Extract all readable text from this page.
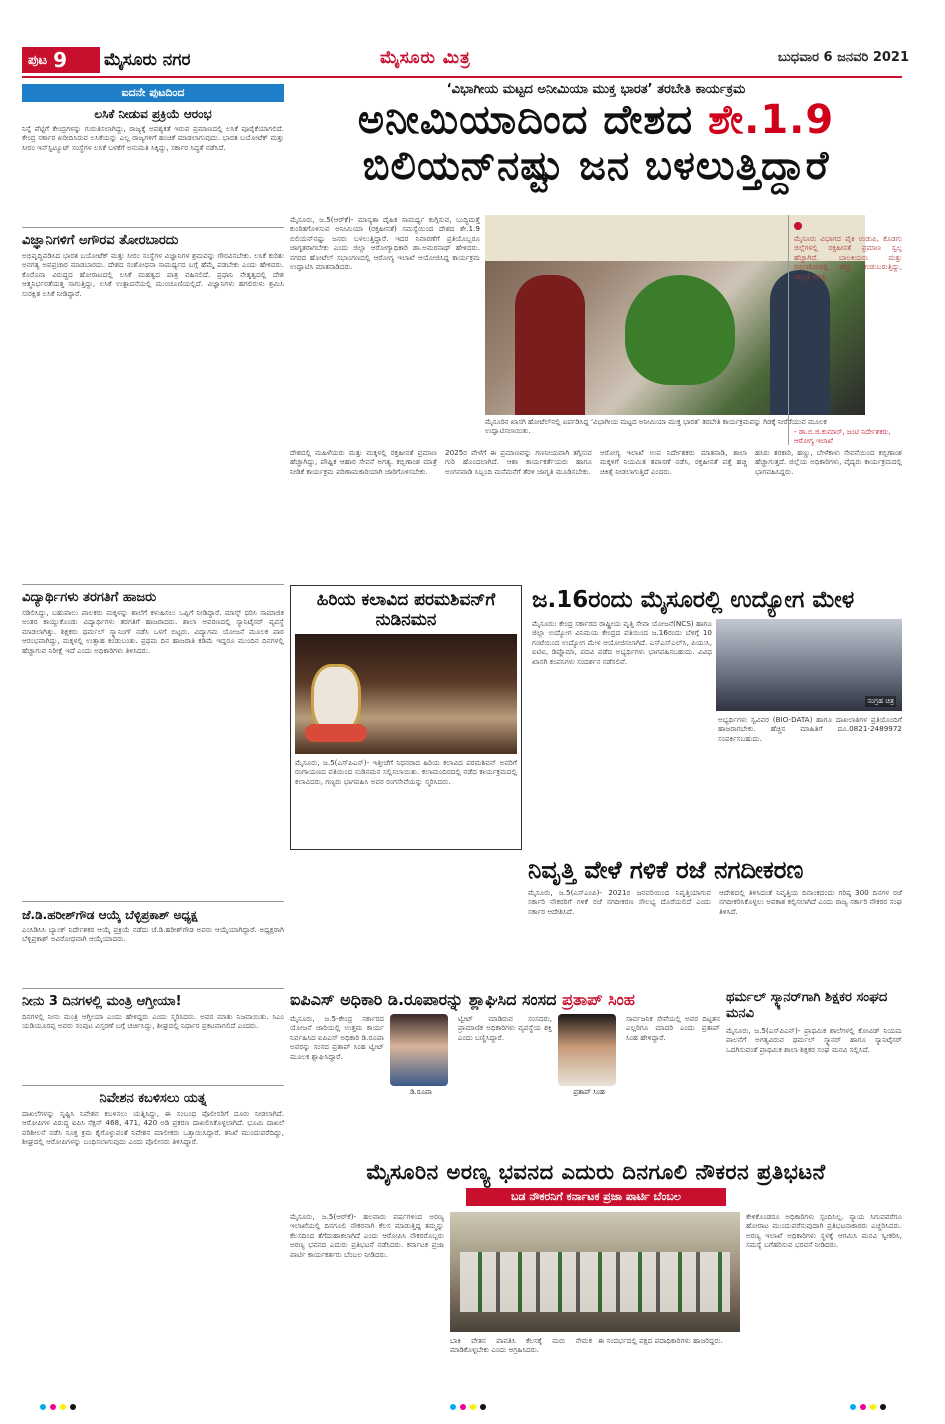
ಪುಟ 9 ಮೈಸೂರು ನಗರ	ಮೈಸೂರು ಮಿತ್ರ	ಬುಧವಾರ 6 ಜನವರಿ 2021
ಐದನೇ ಪುಟದಿಂದ
ಲಸಿಕೆ ನೀಡುವ ಪ್ರಕ್ರಿಯೆ ಆರಂಭ
ನಿನ್ನೆ ಪೆಟ್ಟಿಗೆ ಕೇಂದ್ರಗಳನ್ನು ಗುರುತಿಸಲಾಗಿದ್ದು, ರಾಜ್ಯಕ್ಕೆ ಅವಶ್ಯಕತೆ ಇರುವ ಪ್ರಮಾಣದಲ್ಲಿ ಲಸಿಕೆ ಪೂರೈಕೆಯಾಗಲಿದೆ. ಕೇಂದ್ರ ಸರ್ಕಾರ ಖರೀದಿಸಿರುವ ಲಸಿಕೆಯನ್ನು ಎಲ್ಲ ರಾಜ್ಯಗಳಿಗೆ ಹಂಚಿಕೆ ಮಾಡಲಾಗುವುದು. ಭಾರತ ಬಯೋಟೆಕ್ ಮತ್ತು ಸೀರಂ ಇನ್‌ಸ್ಟಿಟ್ಯೂಟ್ ಸಂಸ್ಥೆಗಳ ಲಸಿಕೆ ಬಳಕೆಗೆ ಅನುಮತಿ ಸಿಕ್ಕಿದ್ದು, ಸರ್ಕಾರ ಸಿದ್ಧತೆ ನಡೆಸಿದೆ.
ವಿಜ್ಞಾನಿಗಳಿಗೆ ಅಗೌರವ ತೋರಬಾರದು
ಅಭಿವೃದ್ಧಿಪಡಿಸಿದ ಭಾರತ ಬಯೋಟೆಕ್ ಮತ್ತು ಸೀರಂ ಸಂಸ್ಥೆಗಳ ವಿಜ್ಞಾನಿಗಳ ಶ್ರಮವನ್ನು ಗೌರವಿಸಬೇಕು. ಲಸಿಕೆ ಕುರಿತು ಅನಗತ್ಯ ಅಪಪ್ರಚಾರ ಮಾಡಬಾರದು. ದೇಶದ ಸಂಶೋಧನಾ ಸಾಮರ್ಥ್ಯದ ಬಗ್ಗೆ ಹೆಮ್ಮೆ ಪಡಬೇಕು ಎಂದು ಹೇಳಿದರು. ಕೊರೊನಾ ವಿರುದ್ಧದ ಹೋರಾಟದಲ್ಲಿ ಲಸಿಕೆ ಮಹತ್ವದ ಪಾತ್ರ ವಹಿಸಲಿದೆ. ಪ್ರಧಾನಿ ನೇತೃತ್ವದಲ್ಲಿ ದೇಶ ಆತ್ಮನಿರ್ಭರತೆಯತ್ತ ಸಾಗುತ್ತಿದ್ದು, ಲಸಿಕೆ ಉತ್ಪಾದನೆಯಲ್ಲಿ ಮುಂಚೂಣಿಯಲ್ಲಿದೆ. ವಿಜ್ಞಾನಿಗಳು ಹಗಲಿರುಳು ಶ್ರಮಿಸಿ ಸುರಕ್ಷಿತ ಲಸಿಕೆ ನೀಡಿದ್ದಾರೆ.
ವಿದ್ಯಾರ್ಥಿಗಳು ತರಗತಿಗೆ ಹಾಜರು
ಸಡಿಲಿಸಿದ್ದು, ಬಹುಪಾಲು ಪಾಲಕರು ಮಕ್ಕಳನ್ನು ಶಾಲೆಗೆ ಕಳುಹಿಸಲು ಒಪ್ಪಿಗೆ ನೀಡಿದ್ದಾರೆ. ಮಾಸ್ಕ್ ಧರಿಸಿ ಸಾಮಾಜಿಕ ಅಂತರ ಕಾಯ್ದುಕೊಂಡು ವಿದ್ಯಾರ್ಥಿಗಳು ತರಗತಿಗೆ ಹಾಜರಾದರು. ಶಾಲಾ ಆವರಣದಲ್ಲಿ ಸ್ಯಾನಿಟೈಸರ್ ವ್ಯವಸ್ಥೆ ಮಾಡಲಾಗಿತ್ತು. ಶಿಕ್ಷಕರು ಥರ್ಮಲ್ ಸ್ಕ್ಯಾನಿಂಗ್ ನಡೆಸಿ ಒಳಗೆ ಬಿಟ್ಟರು. ವಿದ್ಯಾಗಮ ಯೋಜನೆ ಮೂಲಕ ಪಾಠ ಆರಂಭವಾಗಿದ್ದು, ಮಕ್ಕಳಲ್ಲಿ ಉತ್ಸಾಹ ಕಂಡುಬಂತು. ಪ್ರಥಮ ದಿನ ಹಾಜರಾತಿ ಕಡಿಮೆ ಇದ್ದರೂ ಮುಂದಿನ ದಿನಗಳಲ್ಲಿ ಹೆಚ್ಚಾಗುವ ನಿರೀಕ್ಷೆ ಇದೆ ಎಂದು ಅಧಿಕಾರಿಗಳು ತಿಳಿಸಿದರು.
ಜೆ.ಡಿ.ಹರೀಶ್‌ಗೌಡ ಆಯ್ಕೆ ಬೆಳ್ಳಿಪ್ರಕಾಶ್ ಅಧ್ಯಕ್ಷ
ಎಂಸಿಡಿಸಿಸಿ ಬ್ಯಾಂಕ್ ನಿರ್ದೇಶಕರ ಆಯ್ಕೆ ಪ್ರಕ್ರಿಯೆ ನಡೆದು ಜೆ.ಡಿ.ಹರೀಶ್‌ಗೌಡ ಅವರು ಆಯ್ಕೆಯಾಗಿದ್ದಾರೆ. ಅಧ್ಯಕ್ಷರಾಗಿ ಬೆಳ್ಳಿಪ್ರಕಾಶ್ ಅವಿರೋಧವಾಗಿ ಆಯ್ಕೆಯಾದರು.
ನೀನು 3 ದಿನಗಳಲ್ಲಿ ಮಂತ್ರಿ ಆಗ್ತೀಯಾ!
ದಿನಗಳಲ್ಲಿ ನೀನು ಮಂತ್ರಿ ಆಗ್ತೀಯಾ ಎಂದು ಹೇಳಿದ್ದರು ಎಂದು ಸ್ಮರಿಸಿದರು. ಅವರ ಮಾತು ನಿಜವಾಯಿತು. ಸಿಎಂ ಯಡಿಯೂರಪ್ಪ ಅವರು ಸಂಪುಟ ವಿಸ್ತರಣೆ ಬಗ್ಗೆ ಚರ್ಚಿಸಿದ್ದು, ಶೀಘ್ರದಲ್ಲಿ ನಿರ್ಧಾರ ಪ್ರಕಟವಾಗಲಿದೆ ಎಂದರು.
ನಿವೇಶನ ಕಬಳಿಸಲು ಯತ್ನ
ದಾಖಲೆಗಳನ್ನು ಸೃಷ್ಟಿಸಿ ನಿವೇಶನ ಕಬಳಿಸಲು ಯತ್ನಿಸಿದ್ದು, ಈ ಸಂಬಂಧ ಪೊಲೀಸರಿಗೆ ದೂರು ನೀಡಲಾಗಿದೆ. ಆರೋಪಿಗಳ ವಿರುದ್ಧ ಐಪಿಸಿ ಸೆಕ್ಷನ್ 468, 471, 420 ಅಡಿ ಪ್ರಕರಣ ದಾಖಲಿಸಿಕೊಳ್ಳಲಾಗಿದೆ. ಭೂಮಿ ದಾಖಲೆ ಪರಿಶೀಲನೆ ನಡೆಸಿ ಸೂಕ್ತ ಕ್ರಮ ಕೈಗೊಳ್ಳುವಂತೆ ನಿವೇಶನ ಮಾಲೀಕರು ಒತ್ತಾಯಿಸಿದ್ದಾರೆ. ತನಿಖೆ ಮುಂದುವರೆದಿದ್ದು, ಶೀಘ್ರದಲ್ಲಿ ಆರೋಪಿಗಳನ್ನು ಬಂಧಿಸಲಾಗುವುದು ಎಂದು ಪೊಲೀಸರು ತಿಳಿಸಿದ್ದಾರೆ.
‘ವಿಭಾಗೀಯ ಮಟ್ಟದ ಅನೀಮಿಯಾ ಮುಕ್ತ ಭಾರತ’ ತರಬೇತಿ ಕಾರ್ಯಕ್ರಮ
ಅನೀಮಿಯಾದಿಂದ ದೇಶದ ಶೇ.1.9
ಬಿಲಿಯನ್‌ನಷ್ಟು ಜನ ಬಳಲುತ್ತಿದ್ದಾರೆ
ಮೈಸೂರು, ಜ.5(ಆರ್‌ಕೆ)- ಮಾನ್ಯತಾ ದೈಹಿಕ ಸಾಮರ್ಥ್ಯ ಕುಗ್ಗಿಸುವ, ಬುದ್ಧಿಮತ್ತೆ ಕುಂಠಿತಗೊಳಿಸುವ ಅನೀಮಿಯಾ (ರಕ್ತಹೀನತೆ) ಸಮಸ್ಯೆಯಿಂದ ದೇಶದ ಶೇ.1.9 ಬಿಲಿಯನ್‌ನಷ್ಟು ಜನರು ಬಳಲುತ್ತಿದ್ದಾರೆ. ಇದರ ನಿವಾರಣೆಗೆ ಪ್ರತಿಯೊಬ್ಬರೂ ಜಾಗೃತರಾಗಬೇಕು ಎಂದು ಜಿಲ್ಲಾ ಆರೋಗ್ಯಾಧಿಕಾರಿ ಡಾ.ಅಮರನಾಥ್ ಹೇಳಿದರು. ನಗರದ ಹೋಟೆಲ್ ಸಭಾಂಗಣದಲ್ಲಿ ಆರೋಗ್ಯ ಇಲಾಖೆ ಆಯೋಜಿಸಿದ್ದ ಕಾರ್ಯಕ್ರಮ ಉದ್ಘಾಟಿಸಿ ಮಾತನಾಡಿದರು.
ಮೈಸೂರಿನ ಖಾಸಗಿ ಹೋಟೆಲ್‌ನಲ್ಲಿ ಏರ್ಪಡಿಸಿದ್ದ ‘ವಿಭಾಗೀಯ ಮಟ್ಟದ ಅನೀಮಿಯಾ ಮುಕ್ತ ಭಾರತ’ ತರಬೇತಿ ಕಾರ್ಯಕ್ರಮವನ್ನು ಗಿಡಕ್ಕೆ ನೀರೆರೆಯುವ ಮೂಲಕ ಉದ್ಘಾಟಿಸಲಾಯಿತು.
ಮೈಸೂರು ವಿಭಾಗದ ಪೈಕಿ ಉಡುಪಿ, ಕೊಡಗು ಜಿಲ್ಲೆಗಳಲ್ಲಿ ರಕ್ತಹೀನತೆ ಪ್ರಮಾಣ ಸ್ವಲ್ಪ ಹೆಚ್ಚಾಗಿದೆ. ಬಾಲಕಿಯರು ಮತ್ತು ಗರ್ಭಿಣಿಯರಲ್ಲಿ ಹೆಚ್ಚು ಕಂಡುಬರುತ್ತಿದ್ದು, ಜಾಗೃತಿ ಅಗತ್ಯ.
- ಡಾ.ಬಿ.ಜಿ.ಕುಮಾರ್, ಜಂಟಿ ನಿರ್ದೇಶಕರು, ಆರೋಗ್ಯ ಇಲಾಖೆ
ದೇಶದಲ್ಲಿ ಮಹಿಳೆಯರು ಮತ್ತು ಮಕ್ಕಳಲ್ಲಿ ರಕ್ತಹೀನತೆ ಪ್ರಮಾಣ ಹೆಚ್ಚಾಗಿದ್ದು, ಪೌಷ್ಟಿಕ ಆಹಾರ ಸೇವನೆ ಅಗತ್ಯ. ಕಬ್ಬಿಣಾಂಶ ಮಾತ್ರೆ ನೀಡಿಕೆ ಕಾರ್ಯಕ್ರಮ ಪರಿಣಾಮಕಾರಿಯಾಗಿ ಜಾರಿಗೊಳಿಸಬೇಕು.
2025ರ ವೇಳೆಗೆ ಈ ಪ್ರಮಾಣವನ್ನು ಗಣನೀಯವಾಗಿ ತಗ್ಗಿಸುವ ಗುರಿ ಹೊಂದಲಾಗಿದೆ. ಆಶಾ ಕಾರ್ಯಕರ್ತೆಯರು ಹಾಗೂ ಅಂಗನವಾಡಿ ಸಿಬ್ಬಂದಿ ಮನೆಮನೆಗೆ ತೆರಳಿ ಜಾಗೃತಿ ಮೂಡಿಸಬೇಕು.
ಆರೋಗ್ಯ ಇಲಾಖೆ ಉಪ ನಿರ್ದೇಶಕರು ಮಾತನಾಡಿ, ಶಾಲಾ ಮಕ್ಕಳಿಗೆ ನಿಯಮಿತ ತಪಾಸಣೆ ನಡೆಸಿ, ರಕ್ತಹೀನತೆ ಪತ್ತೆ ಹಚ್ಚಿ ಚಿಕಿತ್ಸೆ ನೀಡಲಾಗುತ್ತಿದೆ ಎಂದರು.
ಹಸಿರು ತರಕಾರಿ, ಹಣ್ಣು, ಬೇಳೆಕಾಳು ಸೇವನೆಯಿಂದ ಕಬ್ಬಿಣಾಂಶ ಹೆಚ್ಚಾಗುತ್ತದೆ. ಜಿಲ್ಲೆಯ ಅಧಿಕಾರಿಗಳು, ವೈದ್ಯರು ಕಾರ್ಯಕ್ರಮದಲ್ಲಿ ಭಾಗವಹಿಸಿದ್ದರು.
ಹಿರಿಯ ಕಲಾವಿದ ಪರಮಶಿವನ್‌ಗೆ ನುಡಿನಮನ
ಮೈಸೂರು, ಜ.5(ಎಸ್‌ಪಿಎನ್)- ಇತ್ತೀಚೆಗೆ ನಿಧನರಾದ ಹಿರಿಯ ಕಲಾವಿದ ಪರಮಶಿವನ್ ಅವರಿಗೆ ರಂಗಾಯಣದ ವತಿಯಿಂದ ನುಡಿನಮನ ಸಲ್ಲಿಸಲಾಯಿತು. ಕಲಾಮಂದಿರದಲ್ಲಿ ನಡೆದ ಕಾರ್ಯಕ್ರಮದಲ್ಲಿ ಕಲಾವಿದರು, ಗಣ್ಯರು ಭಾಗವಹಿಸಿ ಅವರ ರಂಗಸೇವೆಯನ್ನು ಸ್ಮರಿಸಿದರು.
ಜ.16ರಂದು ಮೈಸೂರಲ್ಲಿ ಉದ್ಯೋಗ ಮೇಳ
ಮೈಸೂರು: ಕೇಂದ್ರ ಸರ್ಕಾರದ ರಾಷ್ಟ್ರೀಯ ವೃತ್ತಿ ಸೇವಾ ಯೋಜನೆ(NCS) ಹಾಗೂ ಜಿಲ್ಲಾ ಉದ್ಯೋಗ ವಿನಿಮಯ ಕೇಂದ್ರದ ವತಿಯಿಂದ ಜ.16ರಂದು ಬೆಳಿಗ್ಗೆ 10 ಗಂಟೆಯಿಂದ ಉದ್ಯೋಗ ಮೇಳ ಆಯೋಜಿಸಲಾಗಿದೆ. ಎಸ್‌ಎಸ್‌ಎಲ್‌ಸಿ, ಪಿಯುಸಿ, ಐಟಿಐ, ಡಿಪ್ಲೊಮಾ, ಪದವಿ ಪಡೆದ ಅಭ್ಯರ್ಥಿಗಳು ಭಾಗವಹಿಸಬಹುದು. ವಿವಿಧ ಖಾಸಗಿ ಕಂಪನಿಗಳು ಸಂದರ್ಶನ ನಡೆಸಲಿವೆ.
ಸಂಗ್ರಹ ಚಿತ್ರ
ಅಭ್ಯರ್ಥಿಗಳು ಸ್ವವಿವರ (BIO-DATA) ಹಾಗೂ ದಾಖಲಾತಿಗಳ ಪ್ರತಿಯೊಂದಿಗೆ ಹಾಜರಾಗಬೇಕು. ಹೆಚ್ಚಿನ ಮಾಹಿತಿಗೆ ದೂ.0821-2489972 ಸಂಪರ್ಕಿಸಬಹುದು.
ನಿವೃತ್ತಿ ವೇಳೆ ಗಳಿಕೆ ರಜೆ ನಗದೀಕರಣ
ಮೈಸೂರು, ಜ.5(ಎಸ್‌ಎಂಪಿ)- 2021ರ ಜನವರಿಯಿಂದ ನಿವೃತ್ತಿಯಾಗುವ ಸರ್ಕಾರಿ ನೌಕರರಿಗೆ ಗಳಿಕೆ ರಜೆ ನಗದೀಕರಣ ಸೌಲಭ್ಯ ದೊರೆಯಲಿದೆ ಎಂದು ಸರ್ಕಾರ ಆದೇಶಿಸಿದೆ.
ಆದೇಶದಲ್ಲಿ ತಿಳಿಸಿದಂತೆ ನಿವೃತ್ತಿಯ ದಿನಾಂಕದಂದು ಗರಿಷ್ಠ 300 ದಿನಗಳ ರಜೆ ನಗದೀಕರಿಸಿಕೊಳ್ಳಲು ಅವಕಾಶ ಕಲ್ಪಿಸಲಾಗಿದೆ ಎಂದು ರಾಜ್ಯ ಸರ್ಕಾರಿ ನೌಕರರ ಸಂಘ ತಿಳಿಸಿದೆ.
ಐಪಿಎಸ್ ಅಧಿಕಾರಿ ಡಿ.ರೂಪಾರನ್ನು ಶ್ಲಾಘಿಸಿದ ಸಂಸದ ಪ್ರತಾಪ್ ಸಿಂಹ
ಮೈಸೂರು, ಜ.5-ಕೇಂದ್ರ ಸರ್ಕಾರದ ಯೋಜನೆ ಜಾರಿಯಲ್ಲಿ ಉತ್ತಮ ಕಾರ್ಯ ನಿರ್ವಹಿಸಿದ ಐಪಿಎಸ್ ಅಧಿಕಾರಿ ಡಿ.ರೂಪಾ ಅವರನ್ನು ಸಂಸದ ಪ್ರತಾಪ್ ಸಿಂಹ ಟ್ವೀಟ್ ಮೂಲಕ ಶ್ಲಾಘಿಸಿದ್ದಾರೆ.
ಡಿ.ರೂಪಾ
ಟ್ವೀಟ್ ಮಾಡಿರುವ ಸಂಸದರು, ಪ್ರಾಮಾಣಿಕ ಅಧಿಕಾರಿಗಳು ವ್ಯವಸ್ಥೆಯ ಶಕ್ತಿ ಎಂದು ಬಣ್ಣಿಸಿದ್ದಾರೆ.
ಪ್ರತಾಪ್ ಸಿಂಹ
ಸಾರ್ವಜನಿಕ ಸೇವೆಯಲ್ಲಿ ಅವರ ದಿಟ್ಟತನ ಎಲ್ಲರಿಗೂ ಮಾದರಿ ಎಂದು ಪ್ರತಾಪ್ ಸಿಂಹ ಹೇಳಿದ್ದಾರೆ.
ಥರ್ಮಲ್ ಸ್ಕ್ಯಾನರ್‌ಗಾಗಿ ಶಿಕ್ಷಕರ ಸಂಘದ ಮನವಿ
ಮೈಸೂರು, ಜ.5(ಎಸ್‌ಪಿಎನ್)- ಪ್ರಾಥಮಿಕ ಶಾಲೆಗಳಲ್ಲಿ ಕೋವಿಡ್ ನಿಯಮ ಪಾಲನೆಗೆ ಅಗತ್ಯವಿರುವ ಥರ್ಮಲ್ ಸ್ಕ್ಯಾನರ್ ಹಾಗೂ ಸ್ಯಾನಿಟೈಸರ್ ಒದಗಿಸುವಂತೆ ಪ್ರಾಥಮಿಕ ಶಾಲಾ ಶಿಕ್ಷಕರ ಸಂಘ ಮನವಿ ಸಲ್ಲಿಸಿದೆ.
ಮೈಸೂರಿನ ಅರಣ್ಯ ಭವನದ ಎದುರು ದಿನಗೂಲಿ ನೌಕರನ ಪ್ರತಿಭಟನೆ
ಬಡ ನೌಕರನಿಗೆ ಕರ್ನಾಟಕ ಪ್ರಜಾ ಪಾರ್ಟಿ ಬೆಂಬಲ
ಮೈಸೂರು, ಜ.5(ಆರ್‌ಕೆ)- ಹಲವಾರು ವರ್ಷಗಳಿಂದ ಅರಣ್ಯ ಇಲಾಖೆಯಲ್ಲಿ ದಿನಗೂಲಿ ನೌಕರನಾಗಿ ಕೆಲಸ ಮಾಡುತ್ತಿದ್ದ ತಮ್ಮನ್ನು ಕೆಲಸದಿಂದ ತೆಗೆದುಹಾಕಲಾಗಿದೆ ಎಂದು ಆರೋಪಿಸಿ ನೌಕರರೊಬ್ಬರು ಅರಣ್ಯ ಭವನದ ಎದುರು ಪ್ರತಿಭಟನೆ ನಡೆಸಿದರು. ಕರ್ನಾಟಕ ಪ್ರಜಾ ಪಾರ್ಟಿ ಕಾರ್ಯಕರ್ತರು ಬೆಂಬಲ ನೀಡಿದರು.
ಬಾಕಿ ವೇತನ ಪಾವತಿಸಿ ಕೆಲಸಕ್ಕೆ ಮರು ನೇಮಕ ಮಾಡಿಕೊಳ್ಳಬೇಕು ಎಂದು ಆಗ್ರಹಿಸಿದರು.
ಈ ಸಂದರ್ಭದಲ್ಲಿ ಪಕ್ಷದ ಪದಾಧಿಕಾರಿಗಳು ಹಾಜರಿದ್ದರು.
ಕೇಳಿಕೊಂಡರೂ ಅಧಿಕಾರಿಗಳು ಸ್ಪಂದಿಸಿಲ್ಲ. ನ್ಯಾಯ ಸಿಗುವವರೆಗೂ ಹೋರಾಟ ಮುಂದುವರೆಸುವುದಾಗಿ ಪ್ರತಿಭಟನಾಕಾರರು ಎಚ್ಚರಿಸಿದರು. ಅರಣ್ಯ ಇಲಾಖೆ ಅಧಿಕಾರಿಗಳು ಸ್ಥಳಕ್ಕೆ ಆಗಮಿಸಿ ಮನವಿ ಸ್ವೀಕರಿಸಿ, ಸಮಸ್ಯೆ ಬಗೆಹರಿಸುವ ಭರವಸೆ ನೀಡಿದರು.
